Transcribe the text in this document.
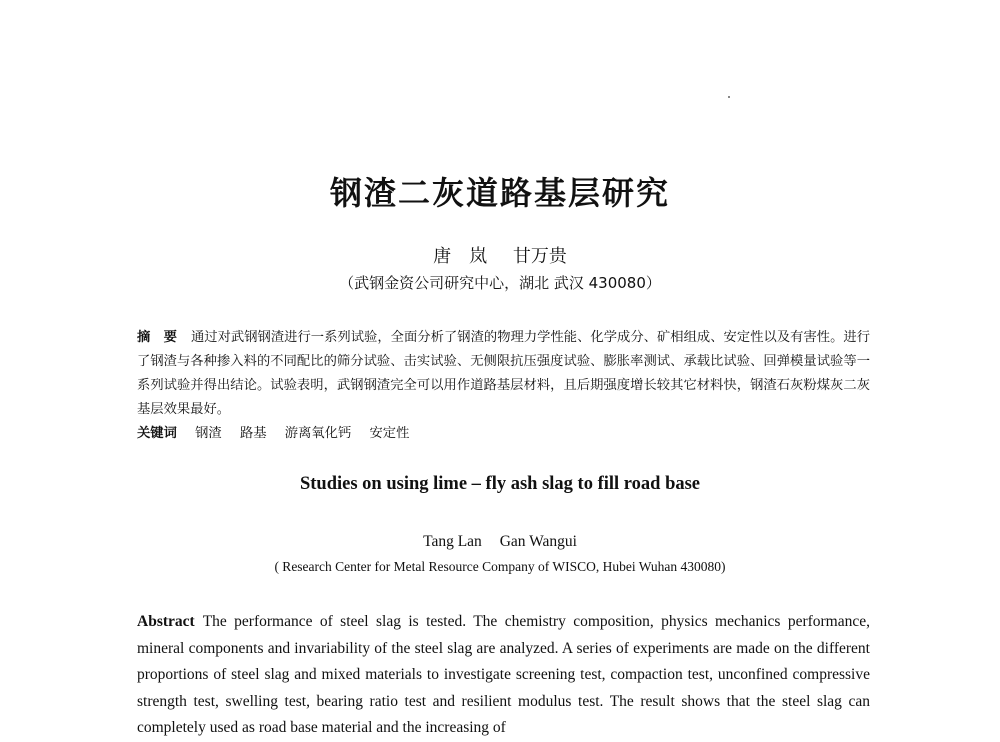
钢渣二灰道路基层研究
唐　岚 甘万贵
（武钢金资公司研究中心，湖北 武汉 430080）
摘　要 通过对武钢钢渣进行一系列试验，全面分析了钢渣的物理力学性能、化学成分、矿相组成、安定性以及有害性。进行了钢渣与各种掺入料的不同配比的筛分试验、击实试验、无侧限抗压强度试验、膨胀率测试、承载比试验、回弹模量试验等一系列试验并得出结论。试验表明，武钢钢渣完全可以用作道路基层材料，且后期强度增长较其它材料快，钢渣石灰粉煤灰二灰基层效果最好。
关键词 钢渣 路基 游离氧化钙 安定性
Studies on using lime – fly ash slag to fill road base
Tang Lan Gan Wangui
( Research Center for Metal Resource Company of WISCO, Hubei Wuhan 430080)
Abstract The performance of steel slag is tested. The chemistry composition, physics mechanics performance, mineral components and invariability of the steel slag are analyzed. A series of experiments are made on the different proportions of steel slag and mixed materials to investigate screening test, compaction test, unconfined compressive strength test, swelling test, bearing ratio test and resilient modulus test. The result shows that the steel slag can completely used as road base material and the increasing of
